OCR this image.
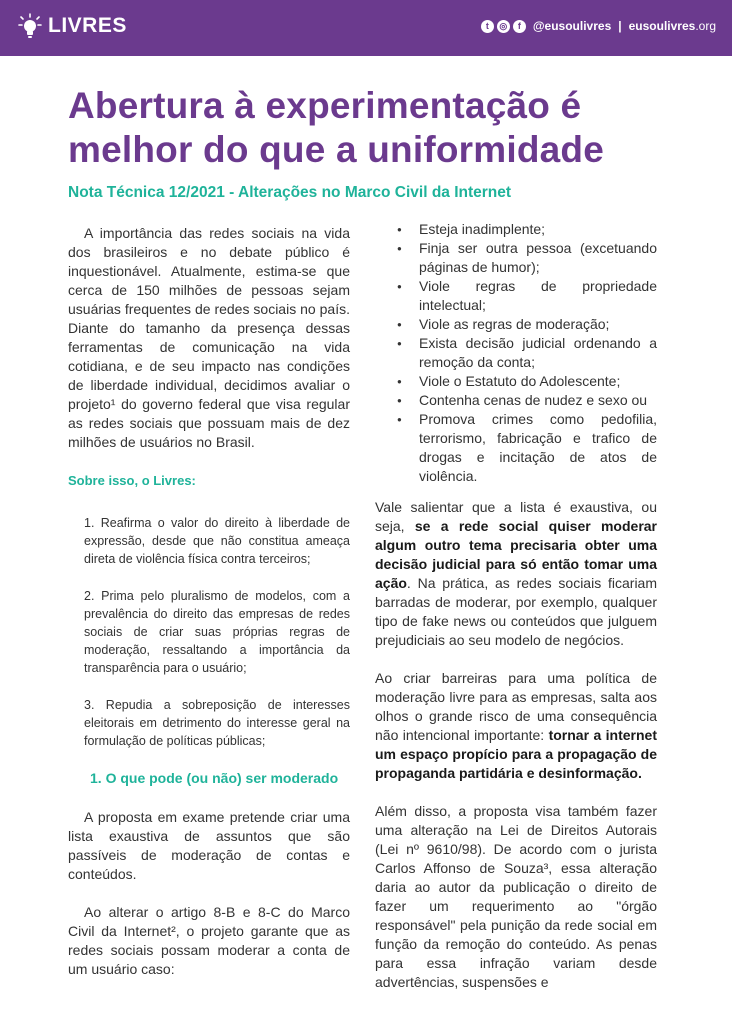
LIVRES	t	◎	f	@eusoulivres | eusoulivres.org
Abertura à experimentação é melhor do que a uniformidade
Nota Técnica 12/2021 - Alterações no Marco Civil da Internet

A importância das redes sociais na vida dos brasileiros e no debate público é inquestionável. Atualmente, estima-se que cerca de 150 milhões de pessoas sejam usuárias frequentes de redes sociais no país. Diante do tamanho da presença dessas ferramentas de comunicação na vida cotidiana, e de seu impacto nas condições de liberdade individual, decidimos avaliar o projeto¹ do governo federal que visa regular as redes sociais que possuam mais de dez milhões de usuários no Brasil.

Sobre isso, o Livres:

1. Reafirma o valor do direito à liberdade de expressão, desde que não constitua ameaça direta de violência física contra terceiros;

2. Prima pelo pluralismo de modelos, com a prevalência do direito das empresas de redes sociais de criar suas próprias regras de moderação, ressaltando a importância da transparência para o usuário;

3. Repudia a sobreposição de interesses eleitorais em detrimento do interesse geral na formulação de políticas públicas;

1. O que pode (ou não) ser moderado

A proposta em exame pretende criar uma lista exaustiva de assuntos que são passíveis de moderação de contas e conteúdos.

Ao alterar o artigo 8-B e 8-C do Marco Civil da Internet², o projeto garante que as redes sociais possam moderar a conta de um usuário caso:

● Esteja inadimplente;
● Finja ser outra pessoa (excetuando páginas de humor);
● Viole regras de propriedade intelectual;
● Viole as regras de moderação;
● Exista decisão judicial ordenando a remoção da conta;
● Viole o Estatuto do Adolescente;
● Contenha cenas de nudez e sexo ou
● Promova crimes como pedofilia, terrorismo, fabricação e trafico de drogas e incitação de atos de violência.

Vale salientar que a lista é exaustiva, ou seja, se a rede social quiser moderar algum outro tema precisaria obter uma decisão judicial para só então tomar uma ação. Na prática, as redes sociais ficariam barradas de moderar, por exemplo, qualquer tipo de fake news ou conteúdos que julguem prejudiciais ao seu modelo de negócios.

Ao criar barreiras para uma política de moderação livre para as empresas, salta aos olhos o grande risco de uma consequência não intencional importante: tornar a internet um espaço propício para a propagação de propaganda partidária e desinformação.

Além disso, a proposta visa também fazer uma alteração na Lei de Direitos Autorais (Lei nº 9610/98). De acordo com o jurista Carlos Affonso de Souza³, essa alteração daria ao autor da publicação o direito de fazer um requerimento ao "órgão responsável" pela punição da rede social em função da remoção do conteúdo. As penas para essa infração variam desde advertências, suspensões e
